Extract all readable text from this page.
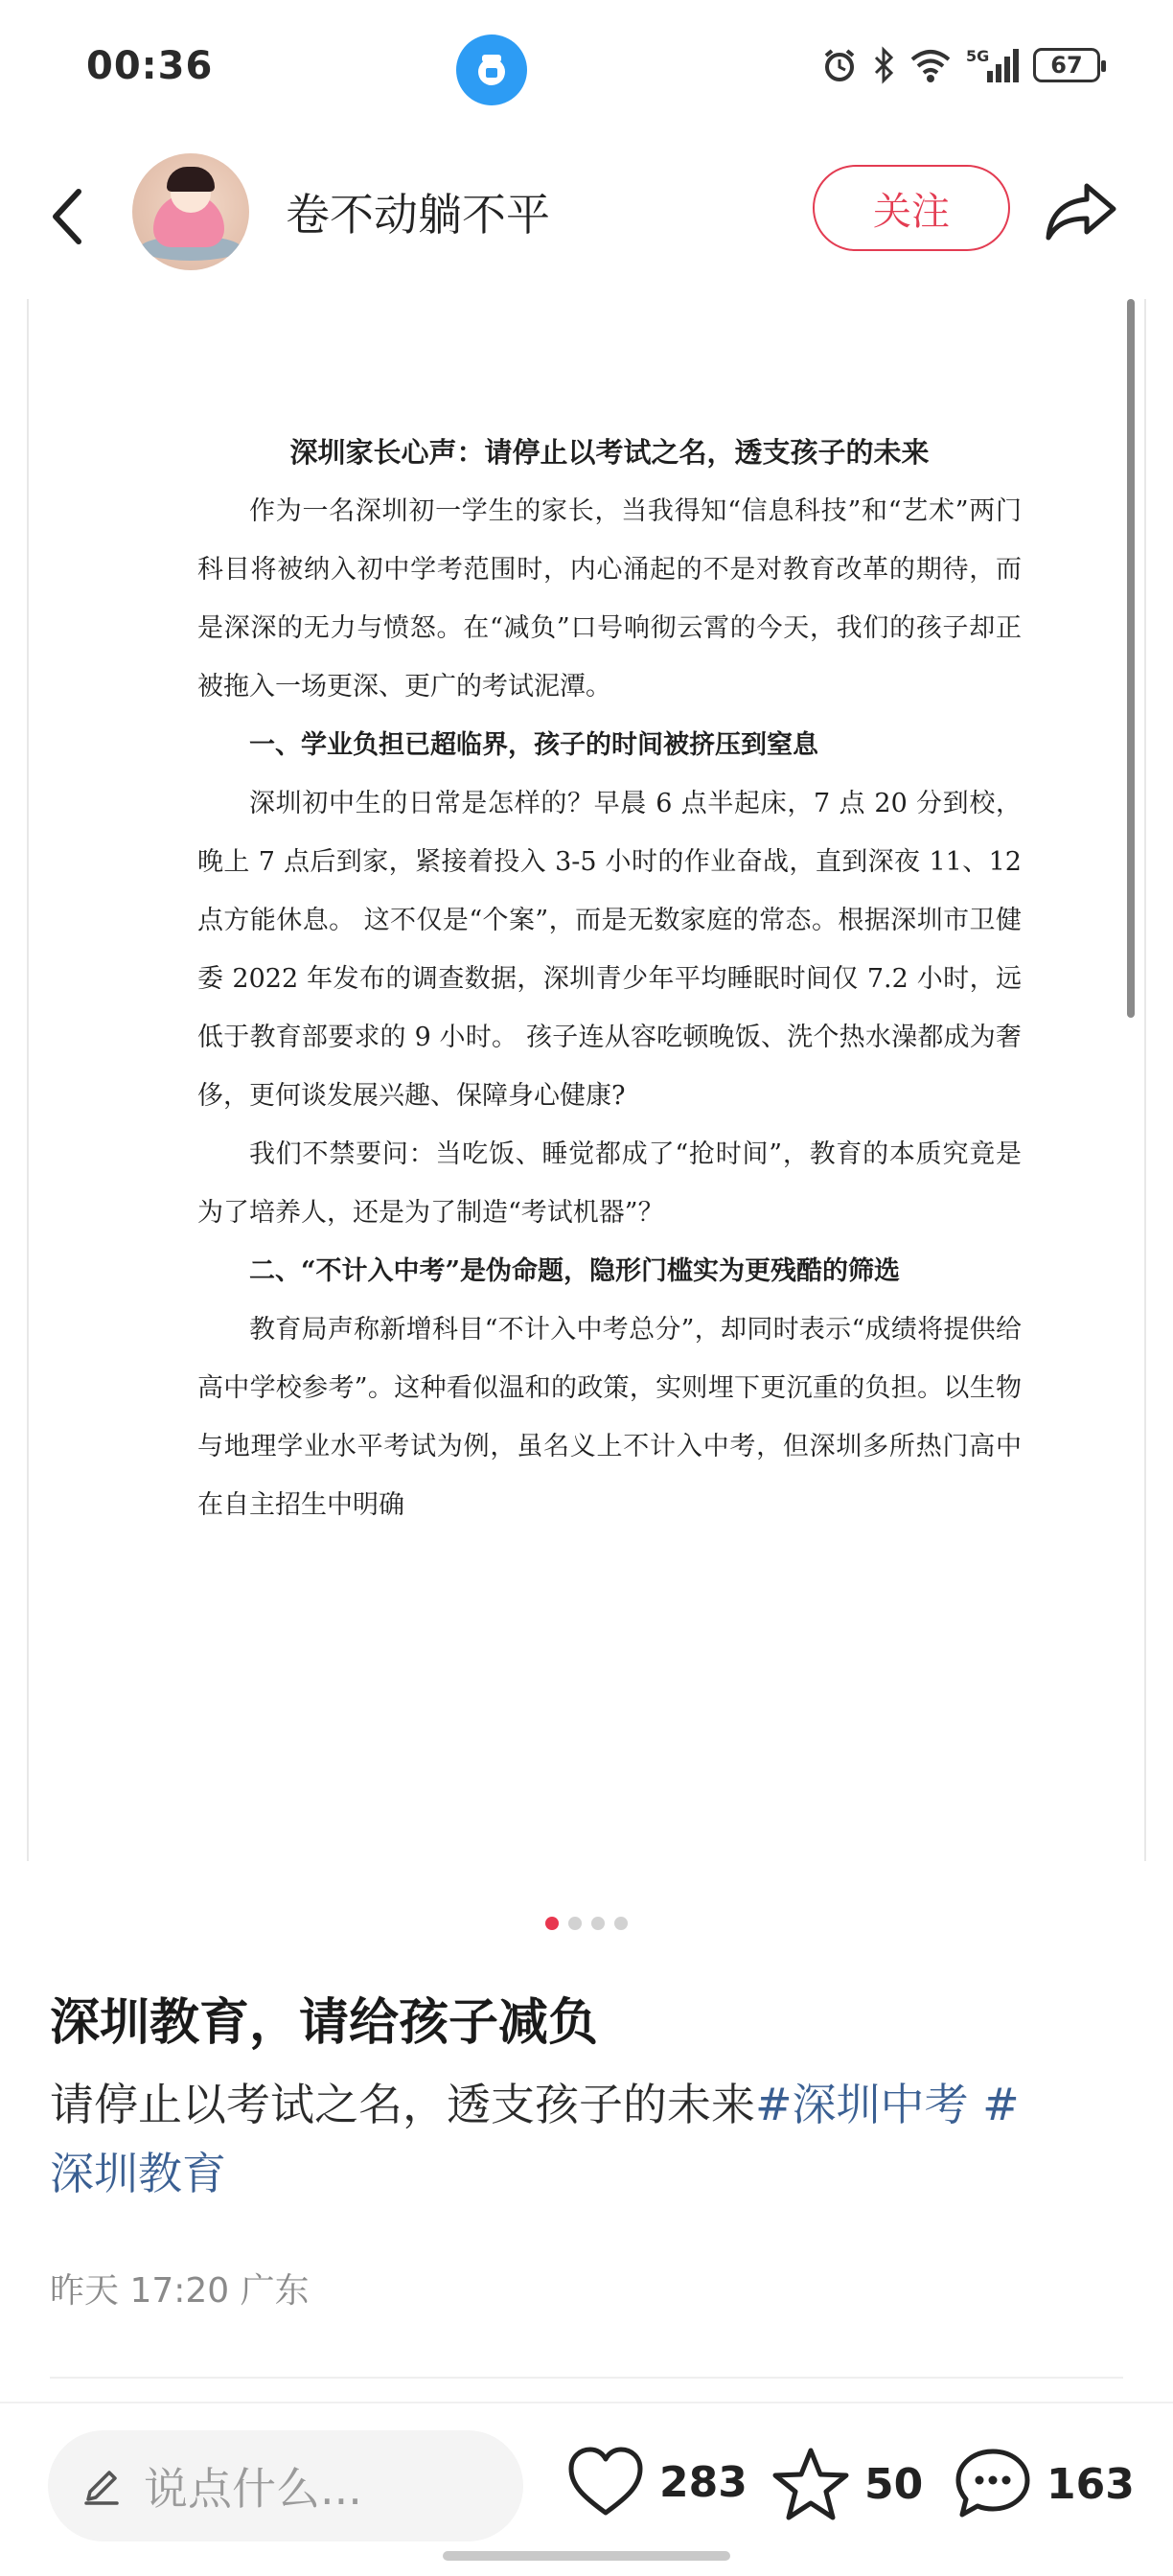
00:36	5G	67
卷不动躺不平	关注
深圳家长心声：请停止以考试之名，透支孩子的未来

作为一名深圳初一学生的家长，当我得知“信息科技”和“艺术”两门科目将被纳入初中学考范围时，内心涌起的不是对教育改革的期待，而是深深的无力与愤怒。在“减负”口号响彻云霄的今天，我们的孩子却正被拖入一场更深、更广的考试泥潭。

一、学业负担已超临界，孩子的时间被挤压到窒息

深圳初中生的日常是怎样的？早晨 6 点半起床，7 点 20 分到校，晚上 7 点后到家，紧接着投入 3-5 小时的作业奋战，直到深夜 11、12 点方能休息。 这不仅是“个案”，而是无数家庭的常态。根据深圳市卫健委 2022 年发布的调查数据，深圳青少年平均睡眠时间仅 7.2 小时，远低于教育部要求的 9 小时。 孩子连从容吃顿晚饭、洗个热水澡都成为奢侈，更何谈发展兴趣、保障身心健康?

我们不禁要问：当吃饭、睡觉都成了“抢时间”，教育的本质究竟是为了培养人，还是为了制造“考试机器”？

二、“不计入中考”是伪命题，隐形门槛实为更残酷的筛选

教育局声称新增科目“不计入中考总分”，却同时表示“成绩将提供给高中学校参考”。这种看似温和的政策，实则埋下更沉重的负担。以生物与地理学业水平考试为例，虽名义上不计入中考，但深圳多所热门高中在自主招生中明确

深圳教育，请给孩子减负
请停止以考试之名，透支孩子的未来#深圳中考 #
深圳教育
昨天 17:20 广东
说点什么...	283	50	163
